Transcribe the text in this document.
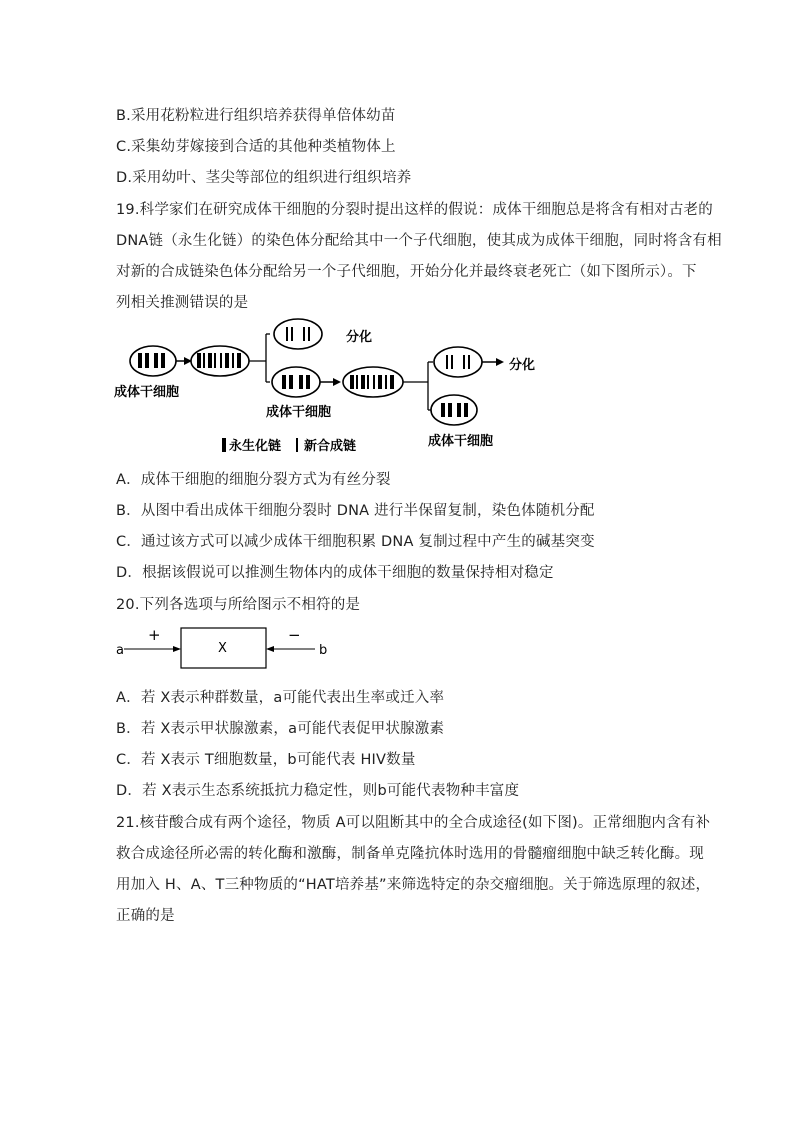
B.采用花粉粒进行组织培养获得单倍体幼苗
C.采集幼芽嫁接到合适的其他种类植物体上
D.采用幼叶、茎尖等部位的组织进行组织培养
19.科学家们在研究成体干细胞的分裂时提出这样的假说：成体干细胞总是将含有相对古老的
DNA链（永生化链）的染色体分配给其中一个子代细胞，使其成为成体干细胞，同时将含有相
对新的合成链染色体分配给另一个子代细胞，开始分化并最终衰老死亡（如下图所示）。下
列相关推测错误的是
分化
分化
成体干细胞
成体干细胞
成体干细胞
永生化链 新合成链
A．成体干细胞的细胞分裂方式为有丝分裂
B．从图中看出成体干细胞分裂时 DNA 进行半保留复制，染色体随机分配
C．通过该方式可以减少成体干细胞积累 DNA 复制过程中产生的碱基突变
D．根据该假说可以推测生物体内的成体干细胞的数量保持相对稳定
20.下列各选项与所给图示不相符的是
a
+
X
−
b
A．若 X表示种群数量，a可能代表出生率或迁入率
B．若 X表示甲状腺激素，a可能代表促甲状腺激素
C．若 X表示 T细胞数量，b可能代表 HIV数量
D．若 X表示生态系统抵抗力稳定性，则b可能代表物种丰富度
21.核苷酸合成有两个途径，物质 A可以阻断其中的全合成途径(如下图)。正常细胞内含有补
救合成途径所必需的转化酶和激酶，制备单克隆抗体时选用的骨髓瘤细胞中缺乏转化酶。现
用加入 H、A、T三种物质的“HAT培养基”来筛选特定的杂交瘤细胞。关于筛选原理的叙述，
正确的是
